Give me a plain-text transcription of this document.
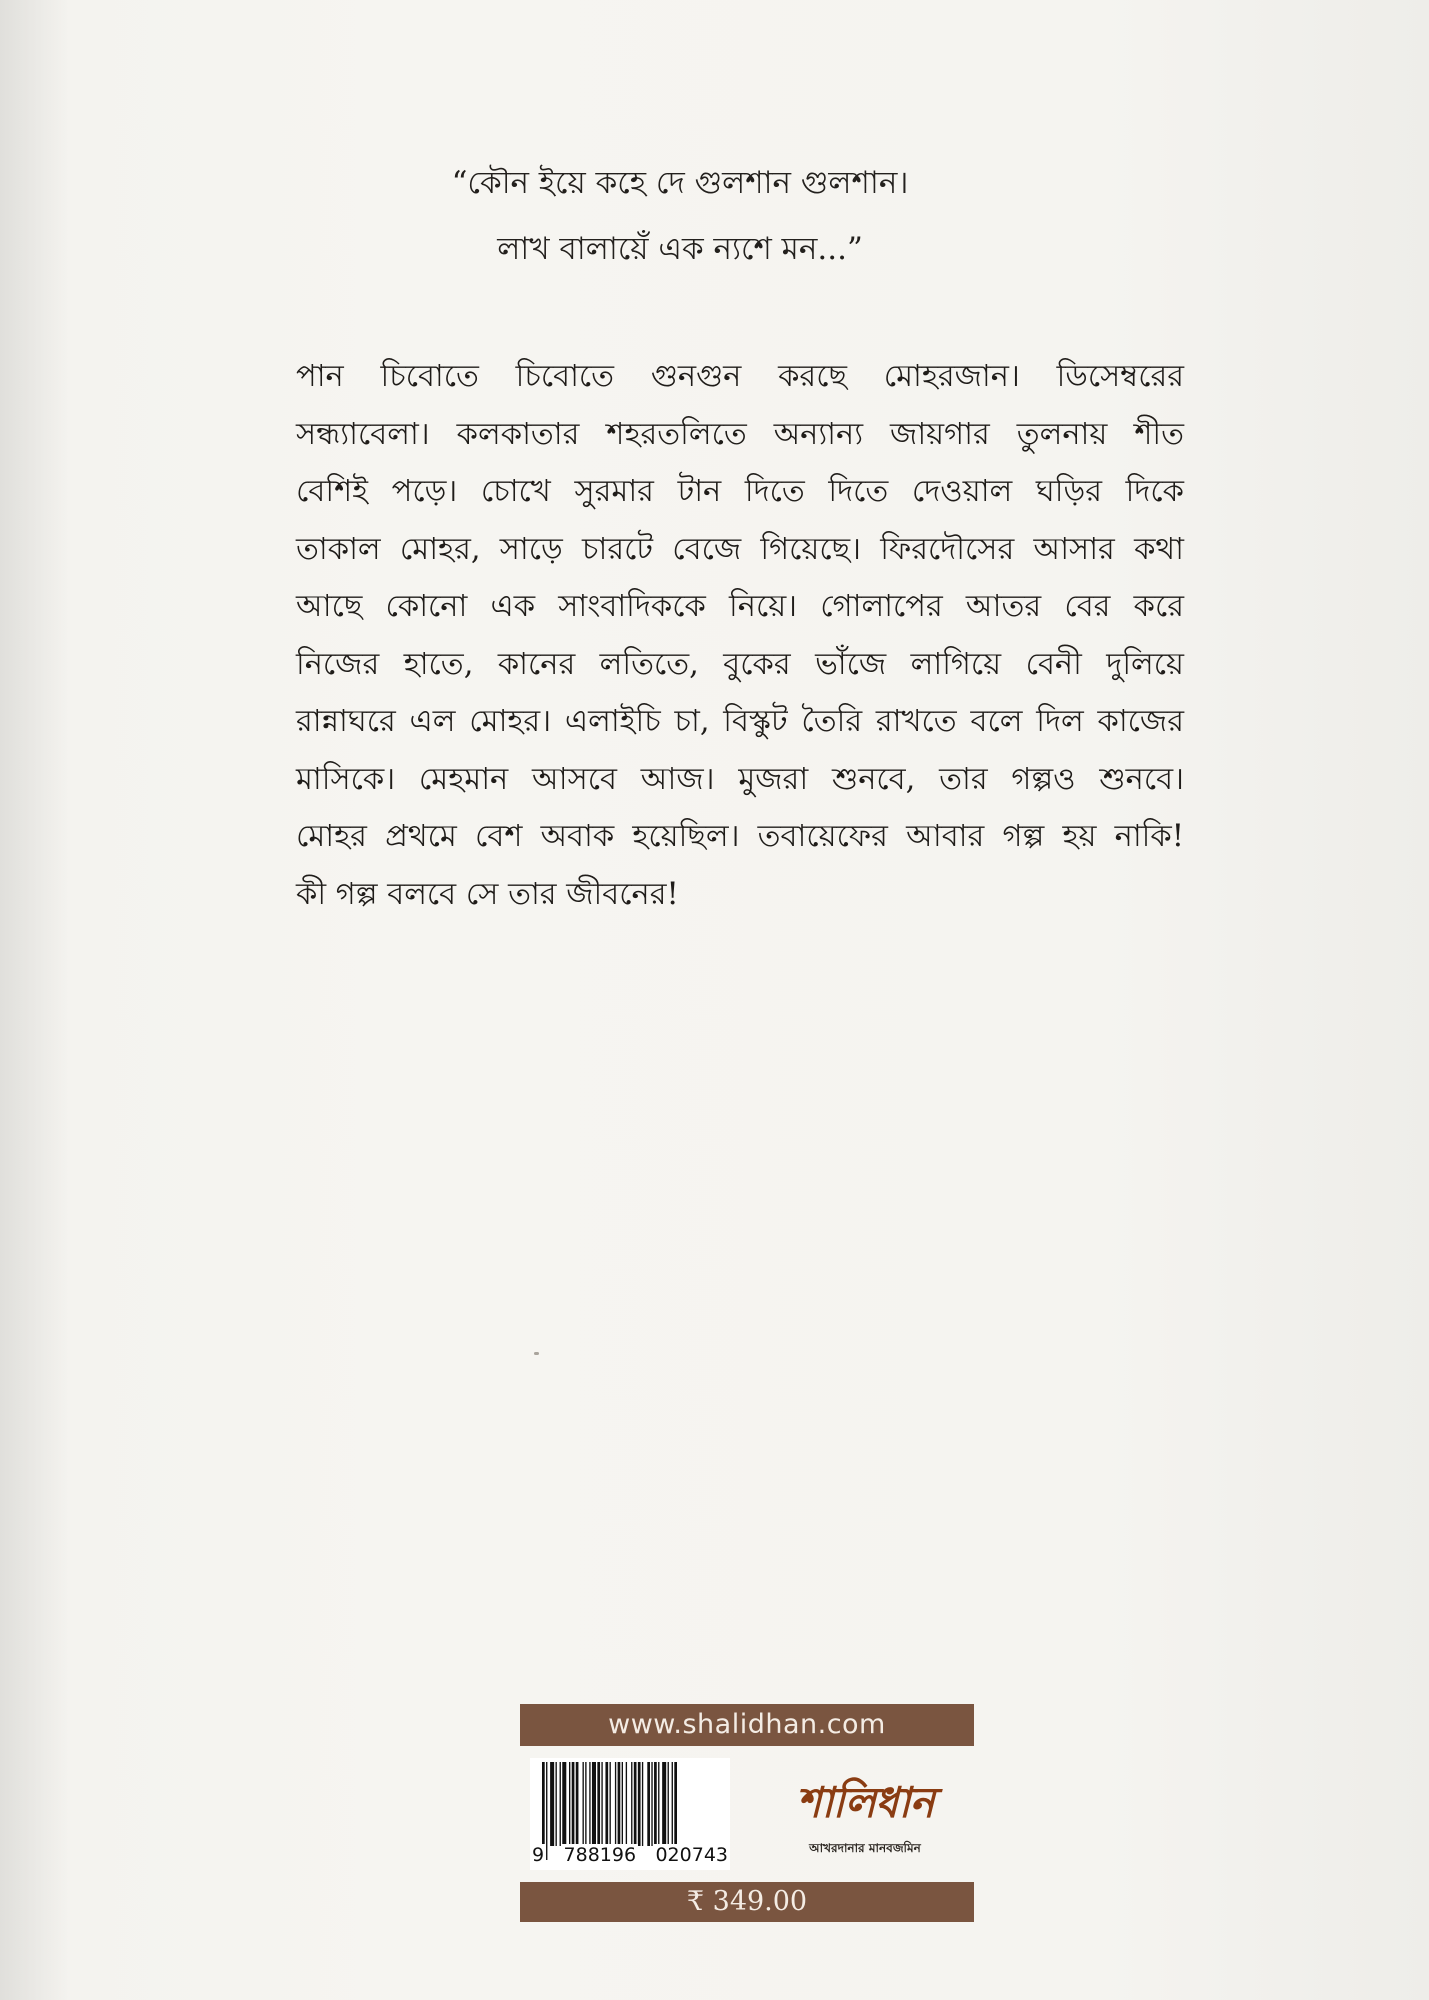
“কৌন ইয়ে কহে দে গুলশান গুলশান।
লাখ বালায়েঁ এক ন্যশে মন...”
পান চিবোতে চিবোতে গুনগুন করছে মোহরজান। ডিসেম্বরের
সন্ধ্যাবেলা। কলকাতার শহরতলিতে অন্যান্য জায়গার তুলনায় শীত
বেশিই পড়ে। চোখে সুরমার টান দিতে দিতে দেওয়াল ঘড়ির দিকে
তাকাল মোহর, সাড়ে চারটে বেজে গিয়েছে। ফিরদৌসের আসার কথা
আছে কোনো এক সাংবাদিককে নিয়ে। গোলাপের আতর বের করে
নিজের হাতে, কানের লতিতে, বুকের ভাঁজে লাগিয়ে বেনী দুলিয়ে
রান্নাঘরে এল মোহর। এলাইচি চা, বিস্কুট তৈরি রাখতে বলে দিল কাজের
মাসিকে। মেহমান আসবে আজ। মুজরা শুনবে, তার গল্পও শুনবে।
মোহর প্রথমে বেশ অবাক হয়েছিল। তবায়েফের আবার গল্প হয় নাকি!
কী গল্প বলবে সে তার জীবনের!
www.shalidhan.com
9 788196 020743
শালিধান
আখরদানার মানবজমিন
₹ 349.00
